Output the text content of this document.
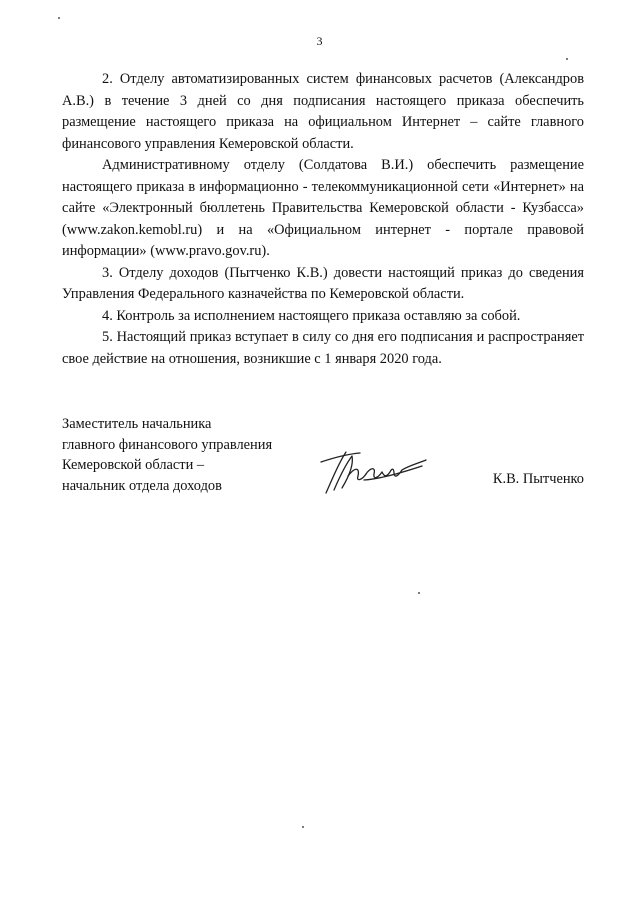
3

2. Отделу автоматизированных систем финансовых расчетов (Александров А.В.) в течение 3 дней со дня подписания настоящего приказа обеспечить размещение настоящего приказа на официальном Интернет – сайте главного финансового управления Кемеровской области.

Административному отделу (Солдатова В.И.) обеспечить размещение настоящего приказа в информационно - телекоммуникационной сети «Интернет» на сайте «Электронный бюллетень Правительства Кемеровской области - Кузбасса» (www.zakon.kemobl.ru) и на «Официальном интернет - портале правовой информации» (www.pravo.gov.ru).

3. Отделу доходов (Пытченко К.В.) довести настоящий приказ до сведения Управления Федерального казначейства по Кемеровской области.

4. Контроль за исполнением настоящего приказа оставляю за собой.

5. Настоящий приказ вступает в силу со дня его подписания и распространяет свое действие на отношения, возникшие с 1 января 2020 года.

Заместитель начальника
главного финансового управления
Кемеровской области –
начальник отдела доходов	К.В. Пытченко
